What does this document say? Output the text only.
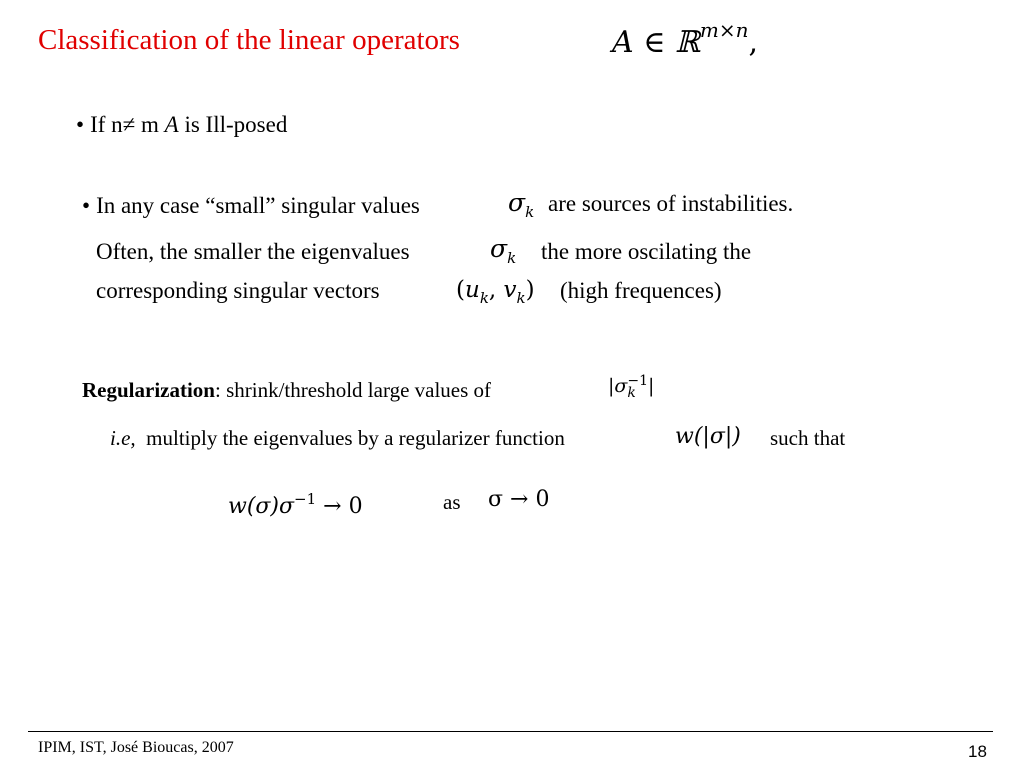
Classification of the linear operators	A ∈ ℝ$^{m\times n}$,
• If n≠ m A is Ill-posed
• In any case “small” singular values	$\sigma_k$ are sources of instabilities.
Often, the smaller the eigenvalues	$\sigma_k$ the more oscilating the
corresponding singular vectors	($u_k$, $v_k$) (high frequences)
Regularization: shrink/threshold large values of	|σ −1
k |
i.e, multiply the eigenvalues by a regularizer function	w(|σ|) such that
$w(\sigma)\sigma^{-1} \to 0$	as σ → 0
IPIM, IST, José Bioucas, 2007	18
